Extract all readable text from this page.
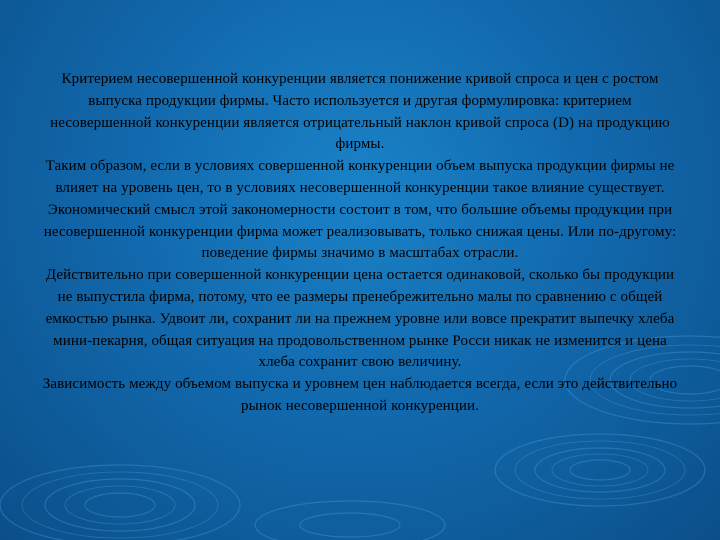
Критерием несовершенной конкуренции является понижение кривой спроса и цен с ростом выпуска продукции фирмы. Часто используется и другая формулировка: критерием несовершенной конкуренции является отрицательный наклон кривой спроса (D) на продукцию фирмы.

Таким образом, если в условиях совершенной конкуренции объем выпуска продукции фирмы не влияет на уровень цен, то в условиях несовершенной конкуренции такое влияние существует. Экономический смысл этой закономерности состоит в том, что большие объемы продукции при несовершенной конкуренции фирма может реализовывать, только снижая цены. Или по-другому: поведение фирмы значимо в масштабах отрасли.

Действительно при совершенной конкуренции цена остается одинаковой, сколько бы продукции не выпустила фирма, потому, что ее размеры пренебрежительно малы по сравнению с общей емкостью рынка. Удвоит ли, сохранит ли на прежнем уровне или вовсе прекратит выпечку хлеба мини-пекарня, общая ситуация на продовольственном рынке Росси никак не изменится и цена хлеба сохранит свою величину.

Зависимость между объемом выпуска и уровнем цен наблюдается всегда, если это действительно рынок несовершенной конкуренции.
